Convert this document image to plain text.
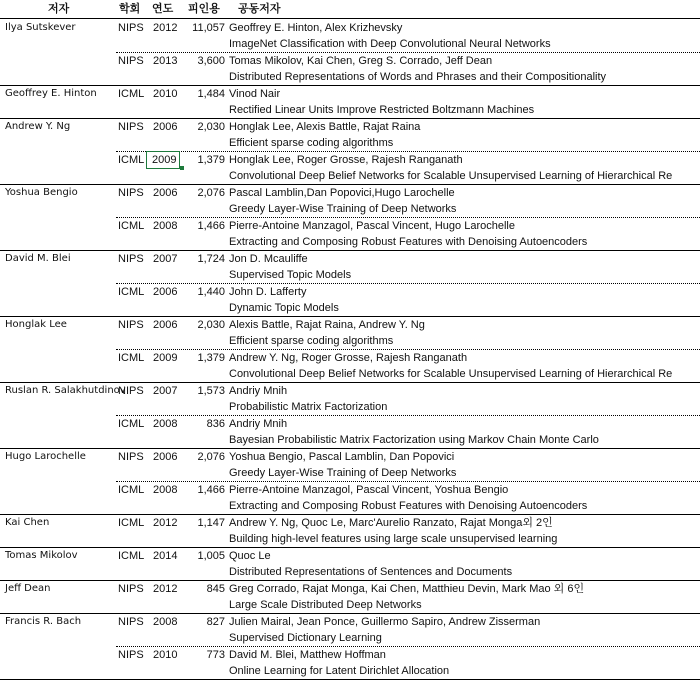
저자	학회 연도 피인용 공동저자
Ilya Sutskever	NIPS 2012	11,057 Geoffrey E. Hinton, Alex Krizhevsky
ImageNet Classification with Deep Convolutional Neural Networks
NIPS 2013	3,600 Tomas Mikolov, Kai Chen, Greg S. Corrado, Jeff Dean
Distributed Representations of Words and Phrases and their Compositionality
Geoffrey E. Hinton ICML 2010	1,484 Vinod Nair
Rectified Linear Units Improve Restricted Boltzmann Machines
Andrew Y. Ng	NIPS 2006	2,030 Honglak Lee, Alexis Battle, Rajat Raina
Efficient sparse coding algorithms
ICML 2009	1,379 Honglak Lee, Roger Grosse, Rajesh Ranganath
Convolutional Deep Belief Networks for Scalable Unsupervised Learning of Hierarchical Re
Yoshua Bengio	NIPS 2006	2,076 Pascal Lamblin,Dan Popovici,Hugo Larochelle
Greedy Layer-Wise Training of Deep Networks
ICML 2008	1,466 Pierre-Antoine Manzagol, Pascal Vincent, Hugo Larochelle
Extracting and Composing Robust Features with Denoising Autoencoders
David M. Blei	NIPS 2007	1,724 Jon D. Mcauliffe
Supervised Topic Models
ICML 2006	1,440 John D. Lafferty
Dynamic Topic Models
Honglak Lee	NIPS 2006	2,030 Alexis Battle, Rajat Raina, Andrew Y. Ng
Efficient sparse coding algorithms
ICML 2009	1,379 Andrew Y. Ng, Roger Grosse, Rajesh Ranganath
Convolutional Deep Belief Networks for Scalable Unsupervised Learning of Hierarchical Re
Ruslan R. Salakhutdinov
NIPS 2007	1,573 Andriy Mnih
Probabilistic Matrix Factorization
ICML 2008	836 Andriy Mnih
Bayesian Probabilistic Matrix Factorization using Markov Chain Monte Carlo
Hugo Larochelle	NIPS 2006	2,076 Yoshua Bengio, Pascal Lamblin, Dan Popovici
Greedy Layer-Wise Training of Deep Networks
ICML 2008	1,466 Pierre-Antoine Manzagol, Pascal Vincent, Yoshua Bengio
Extracting and Composing Robust Features with Denoising Autoencoders
Kai Chen	ICML 2012	1,147 Andrew Y. Ng, Quoc Le, Marc'Aurelio Ranzato, Rajat Monga외 2인
Building high-level features using large scale unsupervised learning
Tomas Mikolov	ICML 2014	1,005 Quoc Le
Distributed Representations of Sentences and Documents
Jeff Dean	NIPS 2012	845 Greg Corrado, Rajat Monga, Kai Chen, Matthieu Devin, Mark Mao 외 6인
Large Scale Distributed Deep Networks
Francis R. Bach	NIPS 2008	827 Julien Mairal, Jean Ponce, Guillermo Sapiro, Andrew Zisserman
Supervised Dictionary Learning
NIPS 2010	773 David M. Blei, Matthew Hoffman
Online Learning for Latent Dirichlet Allocation
